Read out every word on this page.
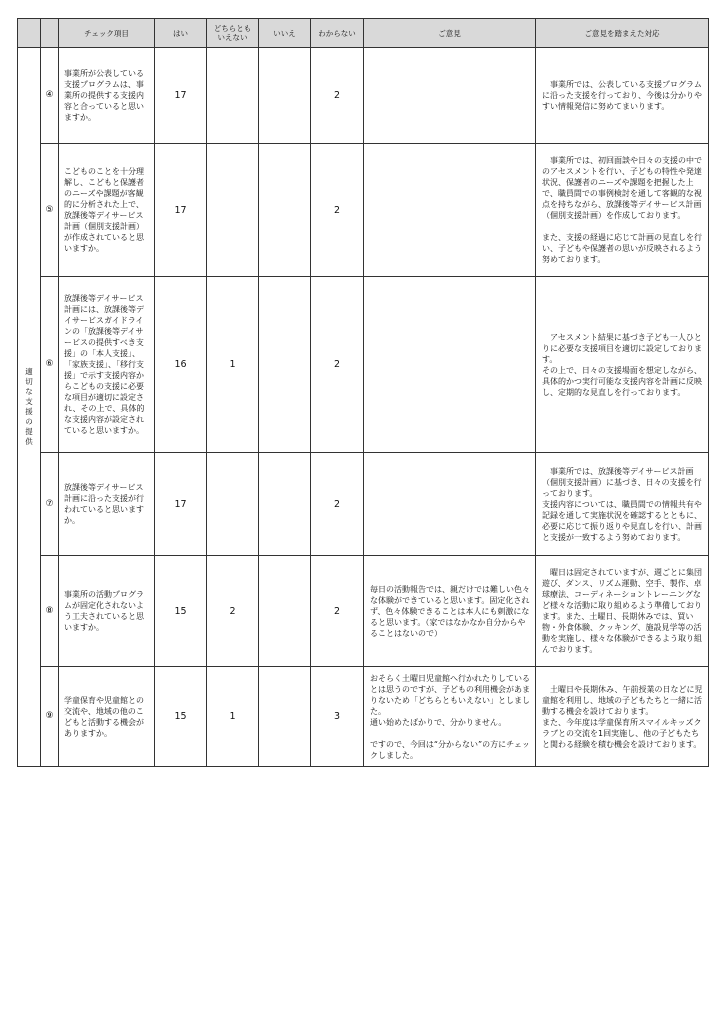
		チェック項目	はい	どちらとも
いえない	いいえ	わからない	ご意見	ご意見を踏まえた対応
適切な支援の提供	④	事業所が公表している支援プログラムは、事業所の提供する支援内容と合っていると思いますか。	17			2		　事業所では、公表している支援プログラムに沿った支援を行っており、今後は分かりやすい情報発信に努めてまいります。

	⑤	こどものことを十分理解し、こどもと保護者のニーズや課題が客観的に分析された上で、放課後等デイサービス計画（個別支援計画）が作成されていると思いますか。	17			2		　事業所では、初回面談や日々の支援の中でのアセスメントを行い、子どもの特性や発達状況、保護者のニーズや課題を把握した上で、職員間での事例検討を通して客観的な視点を持ちながら、放課後等デイサービス計画（個別支援計画）を作成しております。
また、支援の経過に応じて計画の見直しを行い、子どもや保護者の思いが反映されるよう努めております。

	⑥	放課後等デイサービス計画には、放課後等デイサービスガイドラインの「放課後等デイサービスの提供すべき支援」の「本人支援」、「家族支援」、「移行支援」で示す支援内容からこどもの支援に必要な項目が適切に設定され、その上で、具体的な支援内容が設定されていると思いますか。	16	1		2		　アセスメント結果に基づき子ども一人ひとりに必要な支援項目を適切に設定しております。
その上で、日々の支援場面を想定しながら、具体的かつ実行可能な支援内容を計画に反映し、定期的な見直しを行っております。

	⑦	放課後等デイサービス計画に沿った支援が行われていると思いますか。	17			2		　事業所では、放課後等デイサービス計画（個別支援計画）に基づき、日々の支援を行っております。
支援内容については、職員間での情報共有や記録を通して実施状況を確認するとともに、必要に応じて振り返りや見直しを行い、計画と支援が一致するよう努めております。

	⑧	事業所の活動プログラムが固定化されないよう工夫されていると思いますか。	15	2		2	毎日の活動報告では、親だけでは難しい色々な体験ができていると思います。固定化されず、色々体験できることは本人にも刺激になると思います。（家ではなかなか自分からやることはないので）	　曜日は固定されていますが、週ごとに集団遊び、ダンス、リズム運動、空手、製作、卓球療法、コーディネーショントレーニングなど様々な活動に取り組めるよう準備しております。また、土曜日、長期休みでは、買い物・外食体験、クッキング、施設見学等の活動を実施し、様々な体験ができるよう取り組んでおります。

	⑨	学童保育や児童館との交流や、地域の他のこどもと活動する機会がありますか。	15	1		3	おそらく土曜日児童館へ行かれたりしているとは思うのですが、子どもの利用機会があまりないため「どちらともいえない」としました。
通い始めたばかりで、分かりません。
ですので、今回は“分からない”の方にチェックしました。	　土曜日や長期休み、午前授業の日などに児童館を利用し、地域の子どもたちと一緒に活動する機会を設けております。
また、今年度は学童保育所スマイルキッズクラブとの交流を1回実施し、他の子どもたちと関わる経験を積む機会を設けております。
